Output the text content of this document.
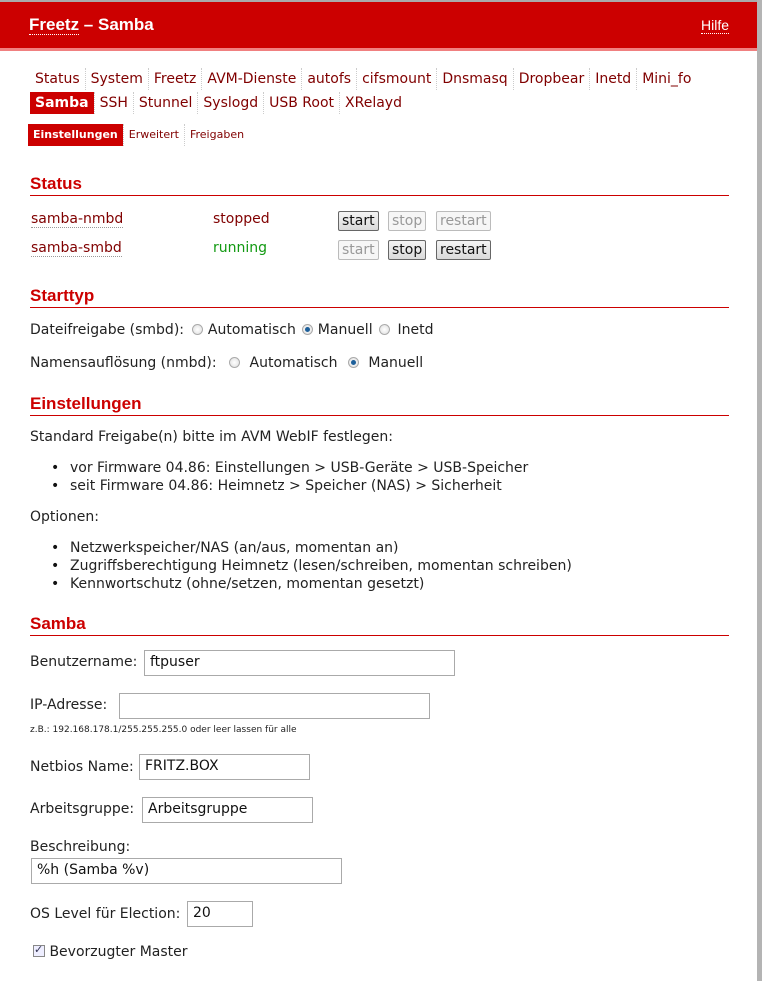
Freetz – Samba	Hilfe
Status System Freetz AVM-Dienste autofs cifsmount Dnsmasq Dropbear Inetd Mini_fo
Samba SSH Stunnel Syslogd USB Root XRelayd
Einstellungen	Erweitert	Freigaben
Status
samba-nmbd	stopped	start stop restart
samba-smbd	running	start stop restart
Starttyp
Dateifreigabe (smbd): Automatisch Manuell Inetd
Namensauflösung (nmbd): Automatisch Manuell
Einstellungen
Standard Freigabe(n) bitte im AVM WebIF festlegen:
• vor Firmware 04.86: Einstellungen > USB-Geräte > USB-Speicher
• seit Firmware 04.86: Heimnetz > Speicher (NAS) > Sicherheit
Optionen:
• Netzwerkspeicher/NAS (an/aus, momentan an)
• Zugriffsberechtigung Heimnetz (lesen/schreiben, momentan schreiben)
• Kennwortschutz (ohne/setzen, momentan gesetzt)
Samba
Benutzername: ftpuser
IP-Adresse:
z.B.: 192.168.178.1/255.255.255.0 oder leer lassen für alle
Netbios Name: FRITZ.BOX
Arbeitsgruppe: Arbeitsgruppe
Beschreibung:
%h (Samba %v)
OS Level für Election: 20
✓ Bevorzugter Master
